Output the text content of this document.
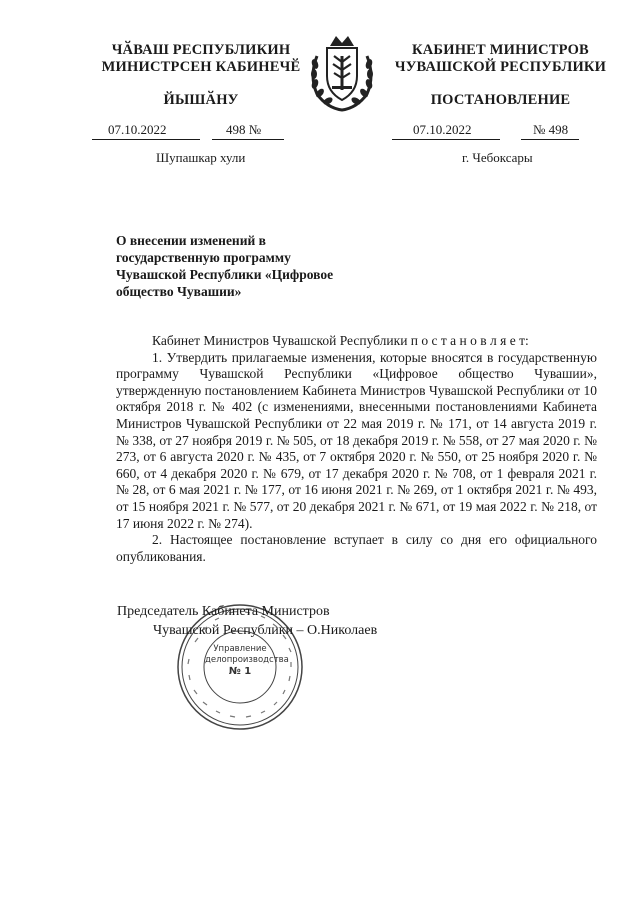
ЧӐВАШ РЕСПУБЛИКИН
МИНИСТРСЕН КАБИНЕЧӖ
КАБИНЕТ МИНИСТРОВ
ЧУВАШСКОЙ РЕСПУБЛИКИ
ЙЫШӐНУ	ПОСТАНОВЛЕНИЕ
07.10.2022	498 №	07.10.2022	№ 498
Шупашкар хули	г. Чебоксары
О внесении изменений в государственную программу Чувашской Республики «Цифровое общество Чувашии»

Кабинет Министров Чувашской Республики п о с т а н о в л я е т:

1. Утвердить прилагаемые изменения, которые вносятся в государственную программу Чувашской Республики «Цифровое общество Чувашии», утвержденную постановлением Кабинета Министров Чувашской Республики от 10 октября 2018 г. № 402 (с изменениями, внесенными постановлениями Кабинета Министров Чувашской Республики от 22 мая 2019 г. № 171, от 14 августа 2019 г. № 338, от 27 ноября 2019 г. № 505, от 18 декабря 2019 г. № 558, от 27 мая 2020 г. № 273, от 6 августа 2020 г. № 435, от 7 октября 2020 г. № 550, от 25 ноября 2020 г. № 660, от 4 декабря 2020 г. № 679, от 17 декабря 2020 г. № 708, от 1 февраля 2021 г. № 28, от 6 мая 2021 г. № 177, от 16 июня 2021 г. № 269, от 1 октября 2021 г. № 493, от 15 ноября 2021 г. № 577, от 20 декабря 2021 г. № 671, от 19 мая 2022 г. № 218, от 17 июня 2022 г. № 274).

2. Настоящее постановление вступает в силу со дня его официального опубликования.

Управление
делопроизводства
№ 1
Председатель Кабинета Министров
Чувашской Республики – О.Николаев
